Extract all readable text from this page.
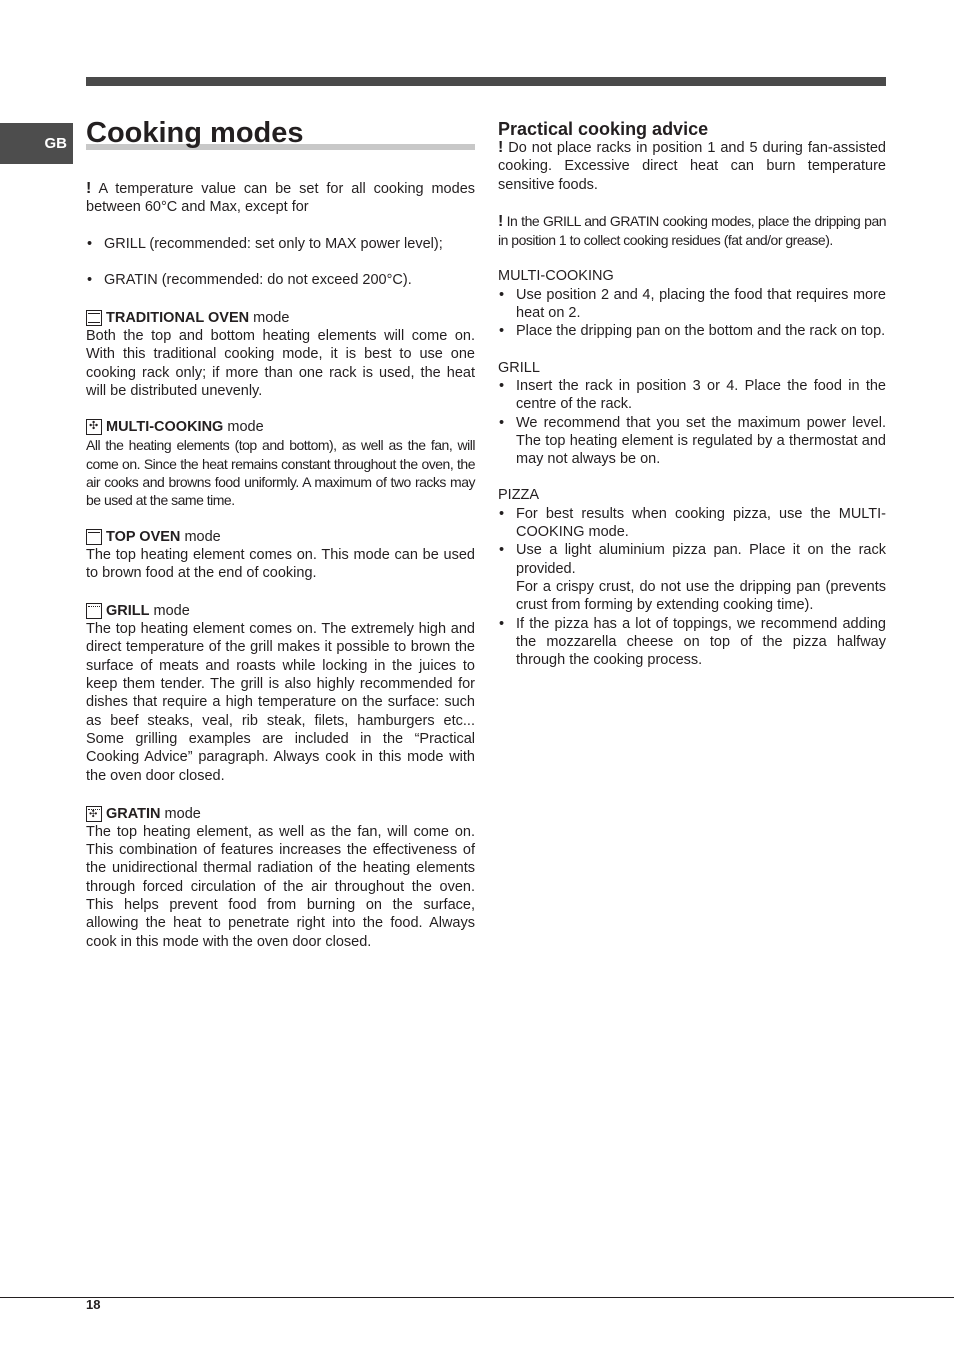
GB Cooking modes

! A temperature value can be set for all cooking modes between 60°C and Max, except for

• GRILL (recommended: set only to MAX power level);

• GRATIN (recommended: do not exceed 200°C).

TRADITIONAL OVEN
mode

Both the top and bottom heating elements will come on. With this traditional cooking mode, it is best to use one cooking rack only; if more than one rack is used, the heat will be distributed unevenly.

✣
MULTI-COOKING
mode

All the heating elements (top and bottom), as well as the fan, will come on. Since the heat remains constant throughout the oven, the air cooks and browns food uniformly. A maximum of two racks may be used at the same time.

TOP OVEN
mode

The top heating element comes on. This mode can be used to brown food at the end of cooking.

GRILL
mode

The top heating element comes on. The extremely high and direct temperature of the grill makes it possible to brown the surface of meats and roasts while locking in the juices to keep them tender. The grill is also highly recommended for dishes that require a high temperature on the surface: such as beef steaks, veal, rib steak, filets, hamburgers etc... Some grilling examples are included in the “Practical Cooking Advice” paragraph. Always cook in this mode with the oven door closed.

✣
GRATIN
mode

The top heating element, as well as the fan, will come on. This combination of features increases the effectiveness of the unidirectional thermal radiation of the heating elements through forced circulation of the air throughout the oven. This helps prevent food from burning on the surface, allowing the heat to penetrate right into the food. Always cook in this mode with the oven door closed.

Practical cooking advice

! Do not place racks in position 1 and 5 during fan-assisted cooking. Excessive direct heat can burn temperature sensitive foods.

! In the GRILL and GRATIN cooking modes, place the dripping pan in position 1 to collect cooking residues (fat and/or grease).

MULTI-COOKING

• Use position 2 and 4, placing the food that requires more heat on 2.

• Place the dripping pan on the bottom and the rack on top.

GRILL

• Insert the rack in position 3 or 4. Place the food in the centre of the rack.

• We recommend that you set the maximum power level. The top heating element is regulated by a thermostat and may not always be on.

PIZZA

• For best results when cooking pizza, use the MULTI-COOKING mode.

• Use a light aluminium pizza pan. Place it on the rack provided.
For a crispy crust, do not use the dripping pan (prevents crust from forming by extending cooking time).

• If the pizza has a lot of toppings, we recommend adding the mozzarella cheese on top of the pizza halfway through the cooking process.

18
